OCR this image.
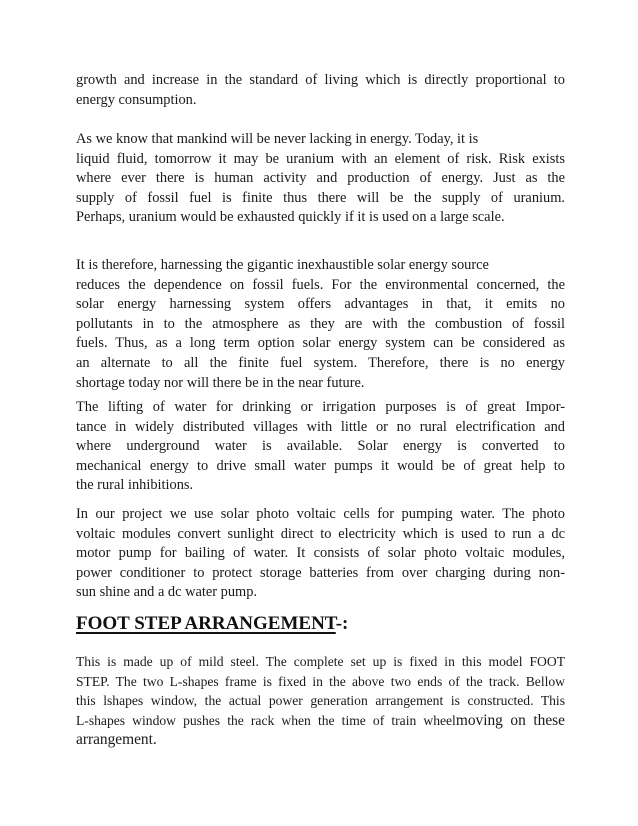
growth and increase in the standard of living which is directly proportional to
energy consumption.

As we know that mankind will be never lacking in energy. Today, it is
liquid fluid, tomorrow it may be uranium with an element of risk. Risk exists
where ever there is human activity and production of energy. Just as the
supply of fossil fuel is finite thus there will be the supply of uranium.
Perhaps, uranium would be exhausted quickly if it is used on a large scale.

It is therefore, harnessing the gigantic inexhaustible solar energy source
reduces the dependence on fossil fuels. For the environmental concerned, the
solar energy harnessing system offers advantages in that, it emits no
pollutants in to the atmosphere as they are with the combustion of fossil
fuels. Thus, as a long term option solar energy system can be considered as
an alternate to all the finite fuel system. Therefore, there is no energy
shortage today nor will there be in the near future.

The lifting of water for drinking or irrigation purposes is of great Impor-
tance in widely distributed villages with little or no rural electrification and
where underground water is available. Solar energy is converted to
mechanical energy to drive small water pumps it would be of great help to
the rural inhibitions.

In our project we use solar photo voltaic cells for pumping water. The photo
voltaic modules convert sunlight direct to electricity which is used to run a dc
motor pump for bailing of water. It consists of solar photo voltaic modules,
power conditioner to protect storage batteries from over charging during non-
sun shine and a dc water pump.

FOOT STEP ARRANGEMENT-:

This is made up of mild steel. The complete set up is fixed in this model FOOT
STEP. The two L-shapes frame is fixed in the above two ends of the track. Bellow
this lshapes window, the actual power generation arrangement is constructed. This
L-shapes window pushes the rack when the time of train wheelmoving on these
arrangement.
